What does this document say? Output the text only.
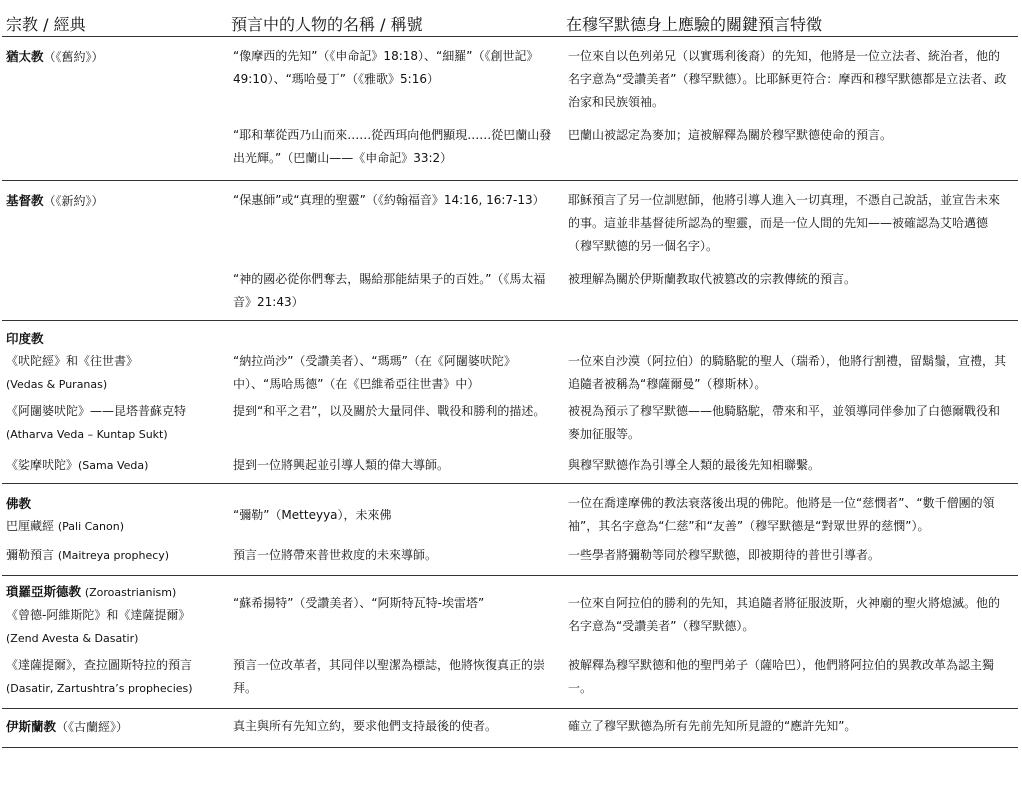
宗教 / 經典	預言中的人物的名稱 / 稱號	在穆罕默德身上應驗的關鍵預言特徵
猶太教（《舊約》）	“像摩西的先知”（《申命記》18:18）、“細羅”（《創世記》49:10）、“瑪哈曼丁”（《雅歌》5:16）	一位來自以色列弟兄（以實瑪利後裔）的先知，他將是一位立法者、統治者，他的名字意為“受讚美者”（穆罕默德）。比耶穌更符合：摩西和穆罕默德都是立法者、政治家和民族領袖。
	“耶和華從西乃山而來……從西珥向他們顯現……從巴蘭山發出光輝。”（巴蘭山——《申命記》33:2）	巴蘭山被認定為麥加；這被解釋為關於穆罕默德使命的預言。
基督教（《新約》）	“保惠師”或“真理的聖靈”（《約翰福音》14:16, 16:7-13）	耶穌預言了另一位訓慰師，他將引導人進入一切真理，不憑自己說話，並宣告未來的事。這並非基督徒所認為的聖靈，而是一位人間的先知——被確認為艾哈邁德（穆罕默德的另一個名字）。
	“神的國必從你們奪去，賜給那能結果子的百姓。”（《馬太福音》21:43）	被理解為關於伊斯蘭教取代被篡改的宗教傳統的預言。

印度教
《吠陀經》和《往世書》
(Vedas & Puranas)	“納拉尚沙”（受讚美者）、“瑪瑪”（在《阿闥婆吠陀》中）、“馬哈馬德”（在《巴維希亞往世書》中）	一位來自沙漠（阿拉伯）的騎駱駝的聖人（瑞希），他將行割禮，留鬍鬚，宣禮，其追隨者被稱為“穆薩爾曼”（穆斯林）。

《阿闥婆吠陀》——昆塔普蘇克特
(Atharva Veda – Kuntap Sukt)	提到“和平之君”，以及關於大量同伴、戰役和勝利的描述。	被視為預示了穆罕默德——他騎駱駝，帶來和平，並領導同伴參加了白德爾戰役和麥加征服等。
《娑摩吠陀》(Sama Veda)	提到一位將興起並引導人類的偉大導師。	與穆罕默德作為引導全人類的最後先知相聯繫。

佛教
巴厘藏經 (Pali Canon)	“彌勒”（Metteyya），未來佛	一位在喬達摩佛的教法衰落後出現的佛陀。他將是一位“慈憫者”、“數千僧團的領袖”，其名字意為“仁慈”和“友善”（穆罕默德是“對眾世界的慈憫”）。
彌勒預言 (Maitreya prophecy)	預言一位將帶來普世救度的未來導師。	一些學者將彌勒等同於穆罕默德，即被期待的普世引導者。

瑣羅亞斯德教 (Zoroastrianism)
《曾德-阿維斯陀》和《達薩提爾》
(Zend Avesta & Dasatir)	“蘇希揚特”（受讚美者）、“阿斯特瓦特-埃雷塔”	一位來自阿拉伯的勝利的先知，其追隨者將征服波斯，火神廟的聖火將熄滅。他的名字意為“受讚美者”（穆罕默德）。

《達薩提爾》，查拉圖斯特拉的預言
(Dasatir, Zartushtra’s prophecies)	預言一位改革者，其同伴以聖潔為標誌，他將恢復真正的崇拜。	被解釋為穆罕默德和他的聖門弟子（薩哈巴），他們將阿拉伯的異教改革為認主獨一。
伊斯蘭教（《古蘭經》）	真主與所有先知立約，要求他們支持最後的使者。	確立了穆罕默德為所有先前先知所見證的“應許先知”。
